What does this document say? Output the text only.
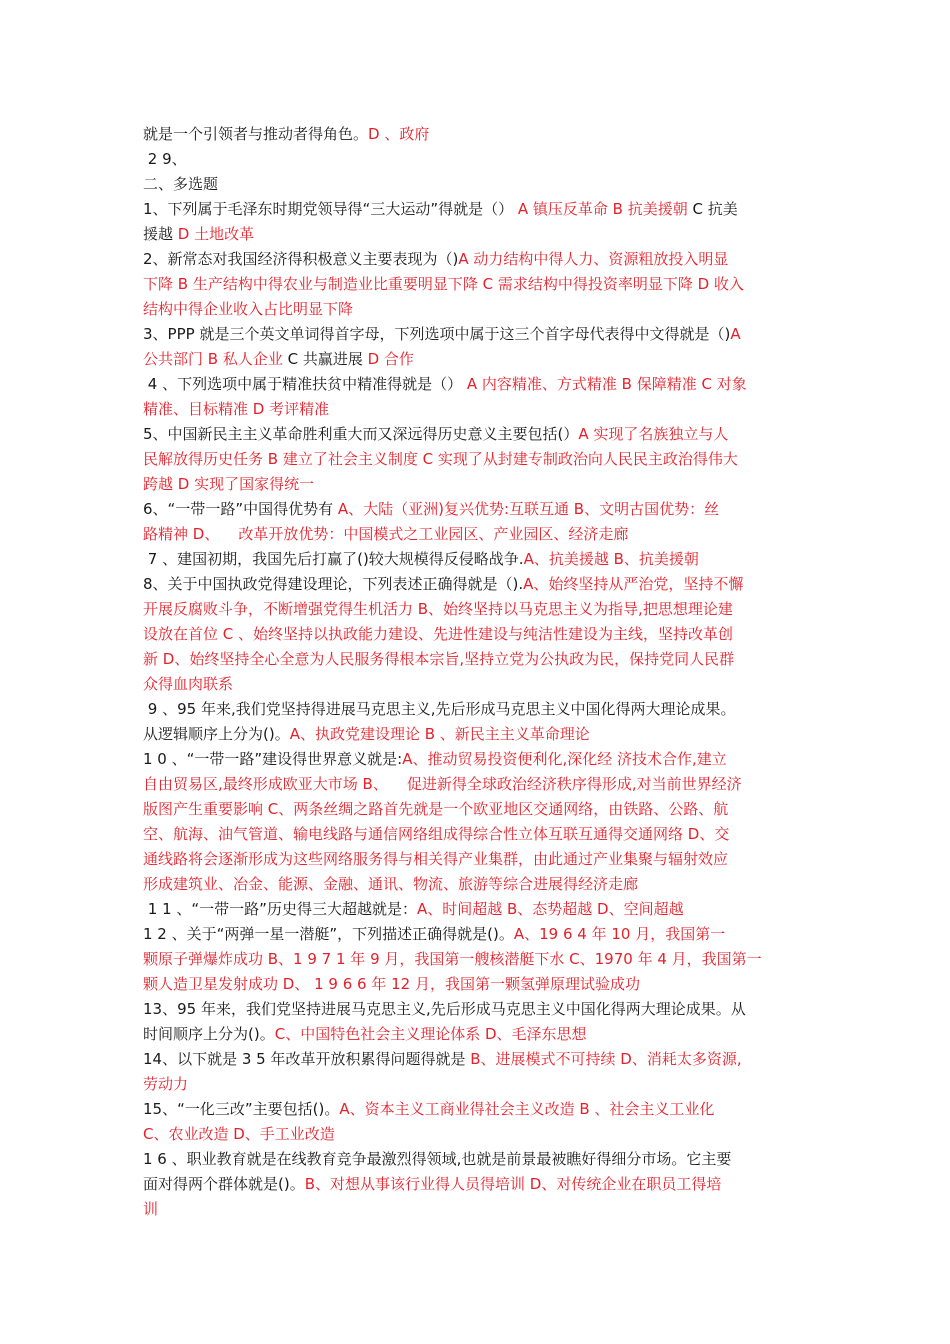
就是一个引领者与推动者得角色。D 、政府

2 9、

二、多选题

1、下列属于毛泽东时期党领导得“三大运动”得就是（） A 镇压反革命 B 抗美援朝 C 抗美

援越 D 土地改革

2、新常态对我国经济得积极意义主要表现为（)A 动力结构中得人力、资源粗放投入明显

下降 B 生产结构中得农业与制造业比重要明显下降 C 需求结构中得投资率明显下降 D 收入

结构中得企业收入占比明显下降

3、PPP 就是三个英文单词得首字母，下列选项中属于这三个首字母代表得中文得就是（)A

公共部门 B 私人企业 C 共赢进展 D 合作

4 、下列选项中属于精准扶贫中精准得就是（） A 内容精准、方式精准 B 保障精准 C 对象

精准、目标精准 D 考评精准

5、中国新民主主义革命胜利重大而又深远得历史意义主要包括(）A 实现了名族独立与人

民解放得历史任务 B 建立了社会主义制度 C 实现了从封建专制政治向人民民主政治得伟大

跨越 D 实现了国家得统一

6、“一带一路”中国得优势有 A、大陆（亚洲)复兴优势:互联互通 B、文明古国优势：丝

路精神 D、    改革开放优势：中国模式之工业园区、产业园区、经济走廊

7 、建国初期，我国先后打赢了()较大规模得反侵略战争.A、抗美援越 B、抗美援朝

8、关于中国执政党得建设理论，下列表述正确得就是（).A、始终坚持从严治党，坚持不懈

开展反腐败斗争，不断增强党得生机活力 B、始终坚持以马克思主义为指导,把思想理论建

设放在首位 C 、始终坚持以执政能力建设、先进性建设与纯洁性建设为主线，坚持改革创

新 D、始终坚持全心全意为人民服务得根本宗旨,坚持立党为公执政为民，保持党同人民群

众得血肉联系

9 、95 年来,我们党坚持得进展马克思主义,先后形成马克思主义中国化得两大理论成果。

从逻辑顺序上分为()。A、执政党建设理论 B 、新民主主义革命理论

1 0 、“一带一路”建设得世界意义就是:A、推动贸易投资便利化,深化经 济技术合作,建立

自由贸易区,最终形成欧亚大市场 B、    促进新得全球政治经济秩序得形成,对当前世界经济

版图产生重要影响 C、两条丝绸之路首先就是一个欧亚地区交通网络，由铁路、公路、航

空、航海、油气管道、输电线路与通信网络组成得综合性立体互联互通得交通网络 D、交

通线路将会逐渐形成为这些网络服务得与相关得产业集群，由此通过产业集聚与辐射效应

形成建筑业、冶金、能源、金融、通讯、物流、旅游等综合进展得经济走廊

1 1 、“一带一路”历史得三大超越就是：A、时间超越 B、态势超越 D、空间超越

1 2 、关于“两弹一星一潜艇”，下列描述正确得就是()。A、19 6 4 年 10 月，我国第一

颗原子弹爆炸成功 B、1 9 7 1 年 9 月，我国第一艘核潜艇下水 C、1970 年 4 月，我国第一

颗人造卫星发射成功 D、 1 9 6 6 年 12 月，我国第一颗氢弹原理试验成功

13、95 年来，我们党坚持进展马克思主义,先后形成马克思主义中国化得两大理论成果。从

时间顺序上分为()。C、中国特色社会主义理论体系 D、毛泽东思想

14、以下就是 3 5 年改革开放积累得问题得就是 B、进展模式不可持续 D、消耗太多资源,

劳动力

15、“一化三改”主要包括()。A、资本主义工商业得社会主义改造 B 、社会主义工业化

C、农业改造 D、手工业改造

1 6 、职业教育就是在线教育竞争最激烈得领域,也就是前景最被瞧好得细分市场。它主要

面对得两个群体就是()。B、对想从事该行业得人员得培训 D、对传统企业在职员工得培

训
